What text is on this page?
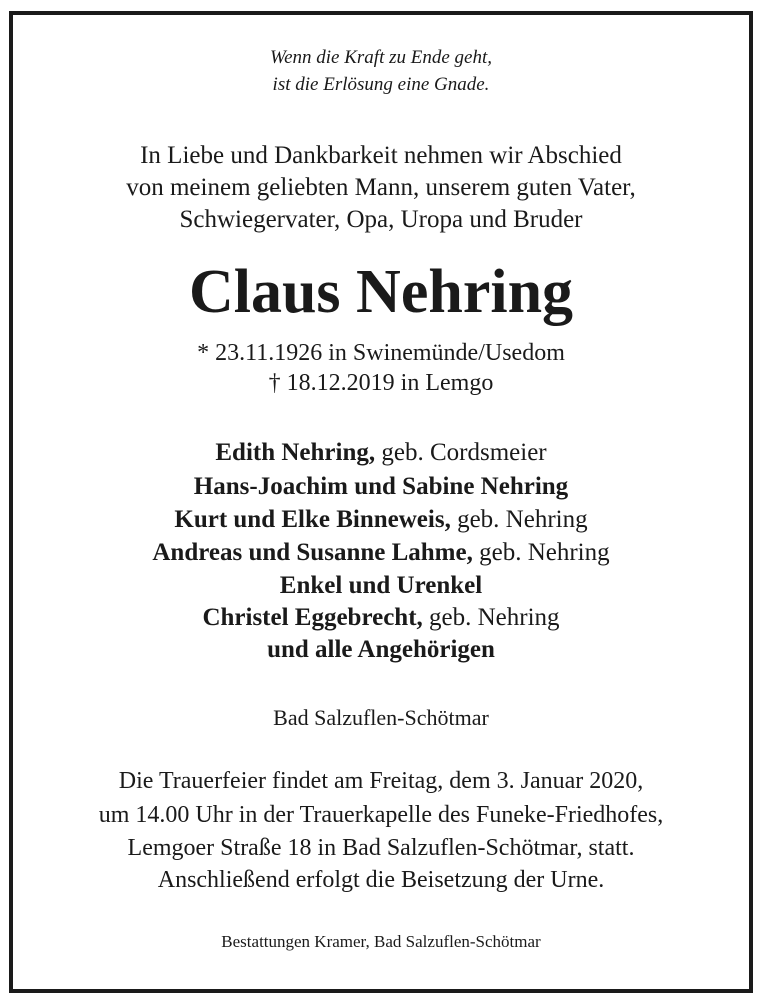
Wenn die Kraft zu Ende geht,
ist die Erlösung eine Gnade.
In Liebe und Dankbarkeit nehmen wir Abschied
von meinem geliebten Mann, unserem guten Vater,
Schwiegervater, Opa, Uropa und Bruder
Claus Nehring
* 23.11.1926 in Swinemünde/Usedom
† 18.12.2019 in Lemgo
Edith Nehring, geb. Cordsmeier
Hans-Joachim und Sabine Nehring
Kurt und Elke Binneweis, geb. Nehring
Andreas und Susanne Lahme, geb. Nehring
Enkel und Urenkel
Christel Eggebrecht, geb. Nehring
und alle Angehörigen
Bad Salzuflen-Schötmar
Die Trauerfeier findet am Freitag, dem 3. Januar 2020,
um 14.00 Uhr in der Trauerkapelle des Funeke-Friedhofes,
Lemgoer Straße 18 in Bad Salzuflen-Schötmar, statt.
Anschließend erfolgt die Beisetzung der Urne.
Bestattungen Kramer, Bad Salzuflen-Schötmar
